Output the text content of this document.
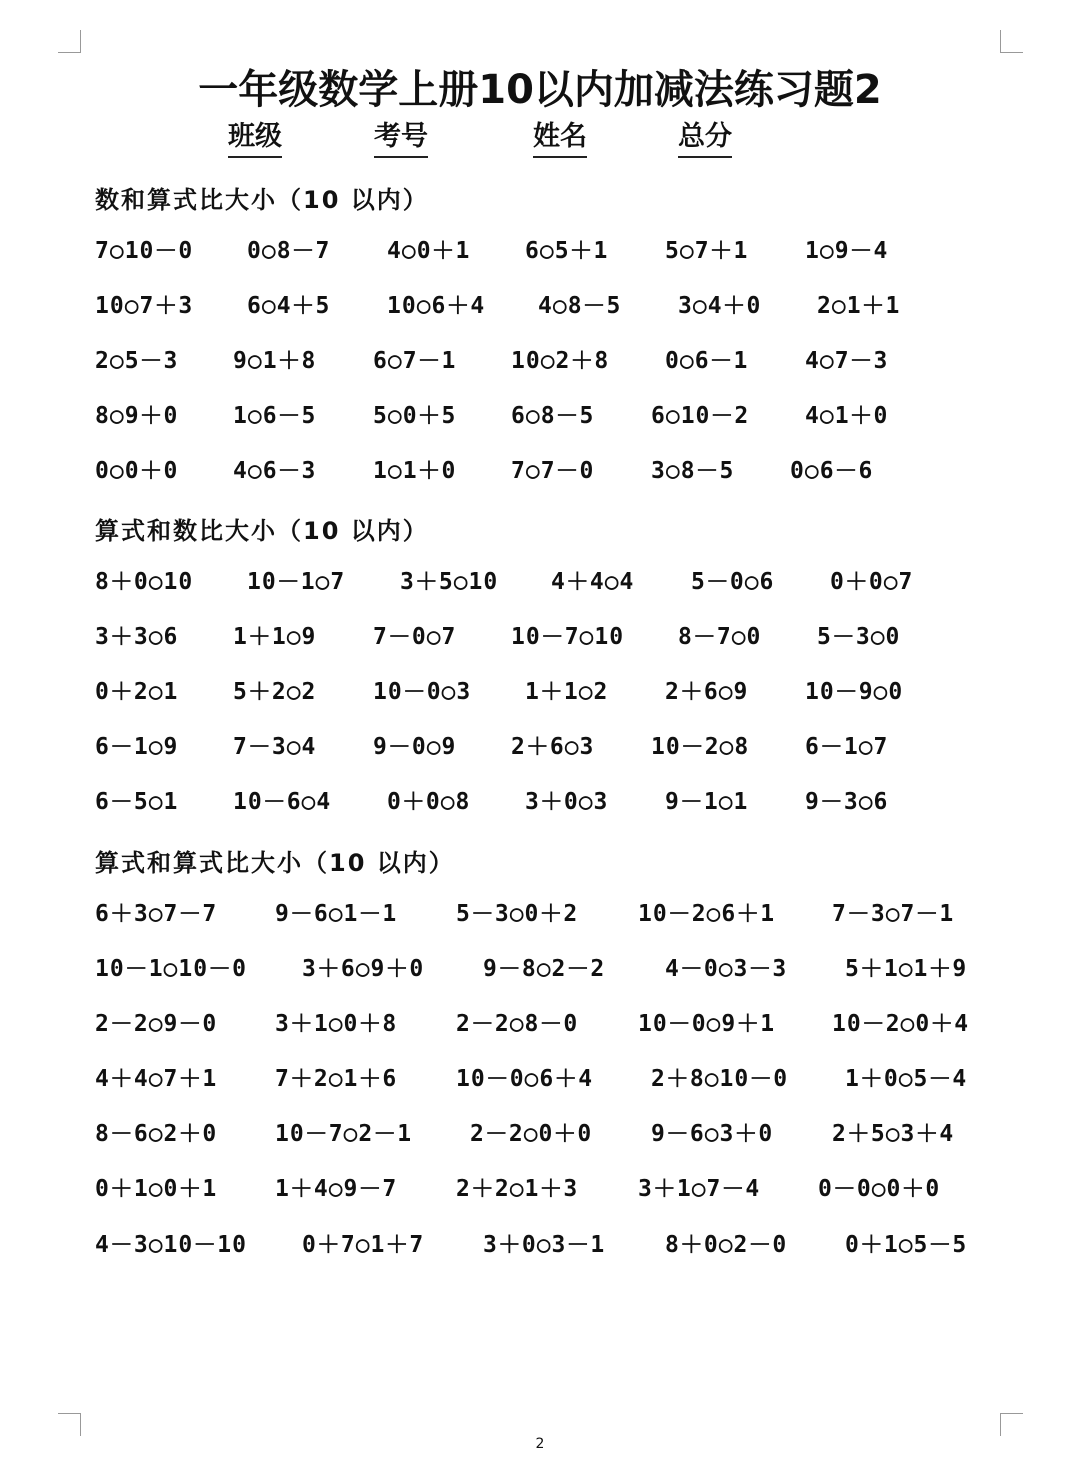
一年级数学上册10以内加减法练习题2
班级	考号	姓名	总分
数和算式比大小（10 以内）
7○10－0 0○8－7 4○0＋1 6○5＋1 5○7＋1 1○9－4
10○7＋3 6○4＋5 10○6＋4 4○8－5 3○4＋0 2○1＋1
2○5－3 9○1＋8 6○7－1 10○2＋8 0○6－1 4○7－3
8○9＋0 1○6－5 5○0＋5 6○8－5 6○10－2 4○1＋0
0○0＋0 4○6－3 1○1＋0 7○7－0 3○8－5 0○6－6
算式和数比大小（10 以内）
8＋0○10 10－1○7 3＋5○10 4＋4○4 5－0○6 0＋0○7
3＋3○6 1＋1○9 7－0○7 10－7○10 8－7○0 5－3○0
0＋2○1 5＋2○2 10－0○3 1＋1○2 2＋6○9 10－9○0
6－1○9 7－3○4 9－0○9 2＋6○3 10－2○8 6－1○7
6－5○1 10－6○4 0＋0○8 3＋0○3 9－1○1 9－3○6
算式和算式比大小（10 以内）
6＋3○7－7	9－6○1－1	5－3○0＋2	10－2○6＋1 7－3○7－1
10－1○10－0 3＋6○9＋0	9－8○2－2	4－0○3－3	5＋1○1＋9
2－2○9－0	3＋1○0＋8	2－2○8－0	10－0○9＋1 10－2○0＋4
4＋4○7＋1	7＋2○1＋6	10－0○6＋4	2＋8○10－0 1＋0○5－4
8－6○2＋0	10－7○2－1	2－2○0＋0	9－6○3＋0	2＋5○3＋4
0＋1○0＋1	1＋4○9－7	2＋2○1＋3	3＋1○7－4	0－0○0＋0
4－3○10－10 0＋7○1＋7	3＋0○3－1	8＋0○2－0	0＋1○5－5
2
